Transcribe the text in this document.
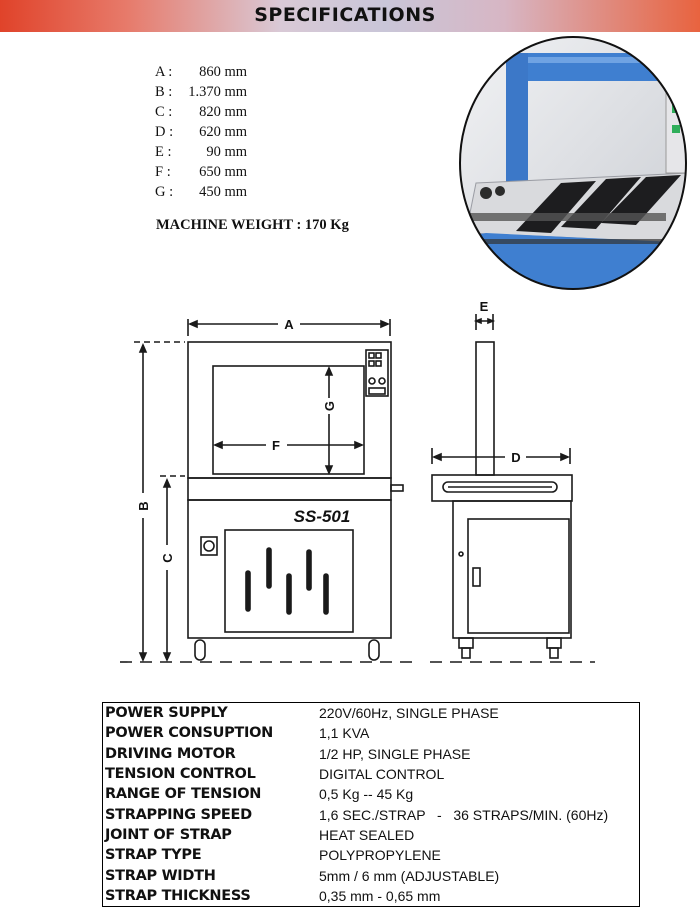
SPECIFICATIONS
A :	860 mm
B :	1.370 mm
C :	820 mm
D :	620 mm
E :	90 mm
F :	650 mm
G :	450 mm
MACHINE WEIGHT : 170 Kg
A
F
G
B
C
E
D
SS-501
POWER SUPPLY	220V/60Hz, SINGLE PHASE
POWER CONSUPTION	1,1 KVA
DRIVING MOTOR	1/2 HP, SINGLE PHASE
TENSION CONTROL	DIGITAL CONTROL
RANGE OF TENSION	0,5 Kg -- 45 Kg
STRAPPING SPEED	1,6 SEC./STRAP   -   36 STRAPS/MIN. (60Hz)
JOINT OF STRAP	HEAT SEALED
STRAP TYPE	POLYPROPYLENE
STRAP WIDTH	5mm / 6 mm (ADJUSTABLE)
STRAP THICKNESS	0,35 mm - 0,65 mm
